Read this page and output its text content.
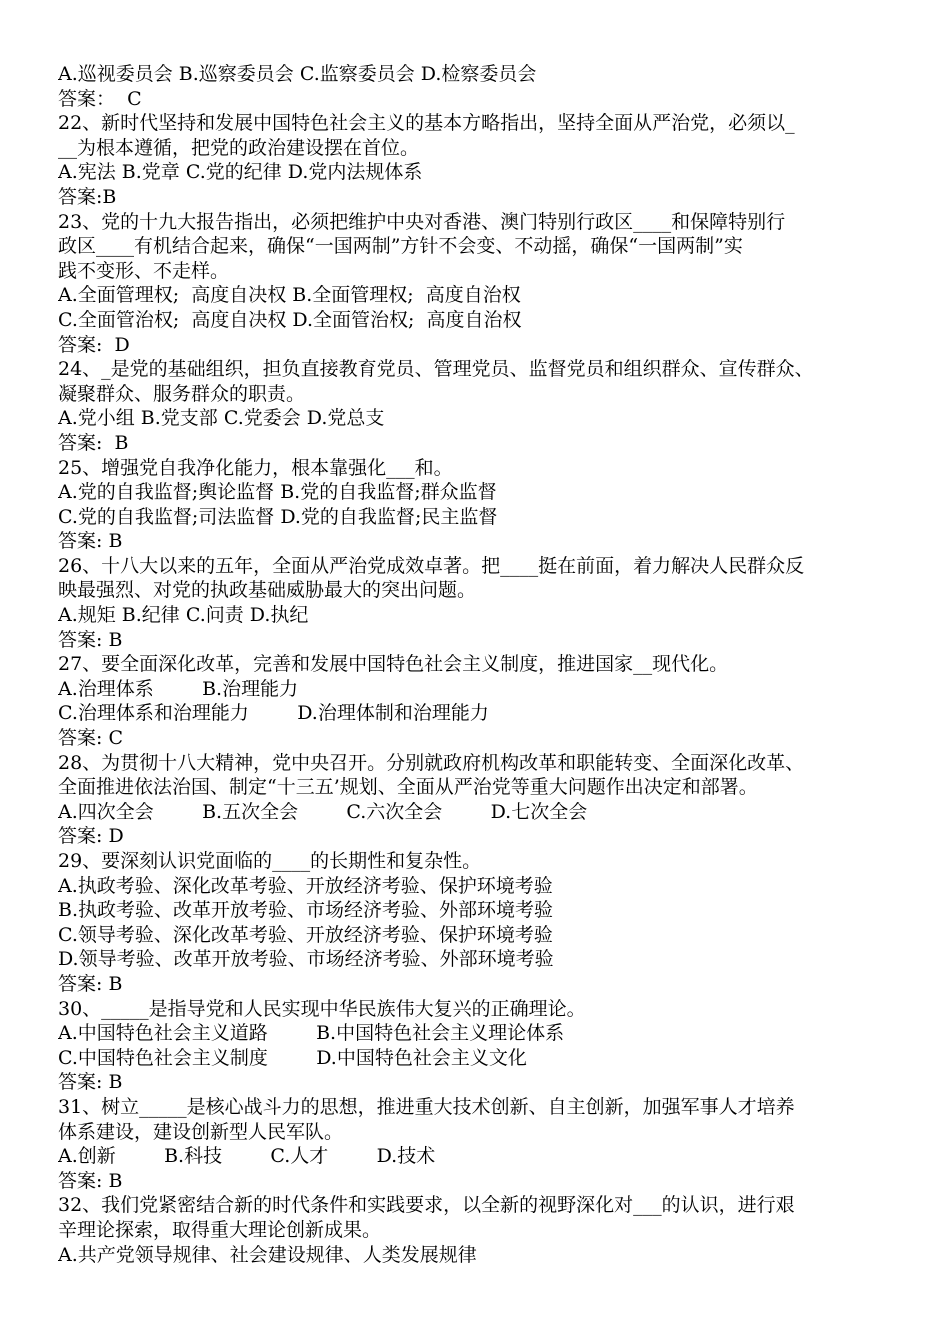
A.巡视委员会 B.巡察委员会 C.监察委员会 D.检察委员会
答案：  C
22、新时代坚持和发展中国特色社会主义的基本方略指出，坚持全面从严治党，必须以_
__为根本遵循，把党的政治建设摆在首位。
A.宪法 B.党章 C.党的纪律 D.党内法规体系
答案:B
23、党的十九大报告指出，必须把维护中央对香港、澳门特别行政区____和保障特别行
政区____有机结合起来，确保“一国两制”方针不会变、不动摇，确保“一国两制”实
践不变形、不走样。
A.全面管理权;  高度自决权 B.全面管理权;  高度自治权
C.全面管治权;  高度自决权 D.全面管治权;  高度自治权
答案:  D
24、_是党的基础组织，担负直接教育党员、管理党员、监督党员和组织群众、宣传群众、
凝聚群众、服务群众的职责。
A.党小组 B.党支部 C.党委会 D.党总支
答案:  B
25、增强党自我净化能力，根本靠强化___和。
A.党的自我监督;舆论监督 B.党的自我监督;群众监督
C.党的自我监督;司法监督 D.党的自我监督;民主监督
答案: B
26、十八大以来的五年，全面从严治党成效卓著。把____挺在前面，着力解决人民群众反
映最强烈、对党的执政基础威胁最大的突出问题。
A.规矩 B.纪律 C.问责 D.执纪
答案: B
27、要全面深化改革，完善和发展中国特色社会主义制度，推进国家__现代化。
A.治理体系        B.治理能力
C.治理体系和治理能力        D.治理体制和治理能力
答案: C
28、为贯彻十八大精神，党中央召开。分别就政府机构改革和职能转变、全面深化改革、
全面推进依法治国、制定“十三五’规划、全面从严治党等重大问题作出决定和部署。
A.四次全会        B.五次全会        C.六次全会        D.七次全会
答案: D
29、要深刻认识党面临的____的长期性和复杂性。
A.执政考验、深化改革考验、开放经济考验、保护环境考验
B.执政考验、改革开放考验、市场经济考验、外部环境考验
C.领导考验、深化改革考验、开放经济考验、保护环境考验
D.领导考验、改革开放考验、市场经济考验、外部环境考验
答案: B
30、_____是指导党和人民实现中华民族伟大复兴的正确理论。
A.中国特色社会主义道路        B.中国特色社会主义理论体系
C.中国特色社会主义制度        D.中国特色社会主义文化
答案: B
31、树立_____是核心战斗力的思想，推进重大技术创新、自主创新，加强军事人才培养
体系建设，建设创新型人民军队。
A.创新        B.科技        C.人才        D.技术
答案: B
32、我们党紧密结合新的时代条件和实践要求，以全新的视野深化对___的认识，进行艰
辛理论探索，取得重大理论创新成果。
A.共产党领导规律、社会建设规律、人类发展规律
